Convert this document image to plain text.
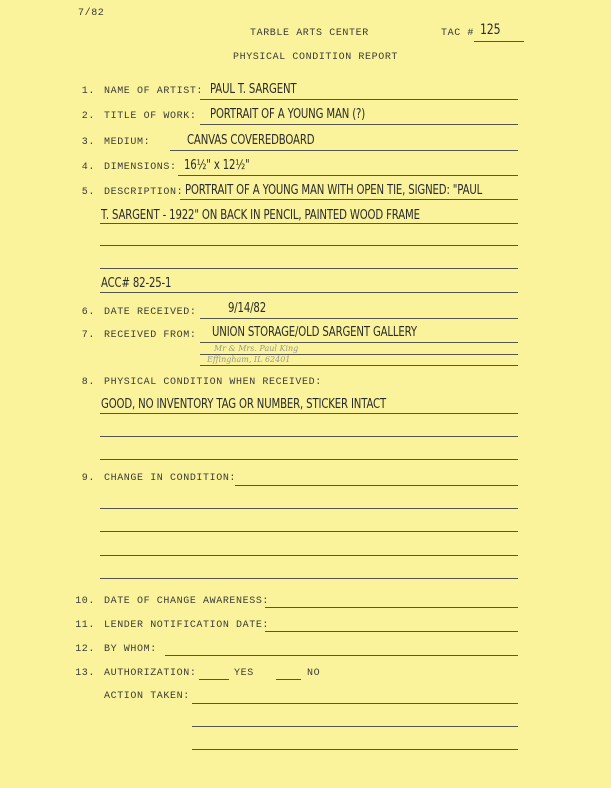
7/82
TARBLE ARTS CENTER
PHYSICAL CONDITION REPORT
TAC # 125
1. NAME OF ARTIST: PAUL T. SARGENT
2. TITLE OF WORK: PORTRAIT OF A YOUNG MAN (?)
3. MEDIUM:	CANVAS COVEREDBOARD
4. DIMENSIONS: 16½" x 12½"
5. DESCRIPTION: PORTRAIT OF A YOUNG MAN WITH OPEN TIE, SIGNED: "PAUL
T. SARGENT - 1922" ON BACK IN PENCIL, PAINTED WOOD FRAME
ACC# 82-25-1
6. DATE RECEIVED: 9/14/82
7. RECEIVED FROM: UNION STORAGE/OLD SARGENT GALLERY
Mr & Mrs. Paul King
Effingham, IL 62401
8. PHYSICAL CONDITION WHEN RECEIVED:
GOOD, NO INVENTORY TAG OR NUMBER, STICKER INTACT
9. CHANGE IN CONDITION:
10. DATE OF CHANGE AWARENESS:
11. LENDER NOTIFICATION DATE:
12. BY WHOM:
13. AUTHORIZATION:	YES	NO
ACTION TAKEN:
